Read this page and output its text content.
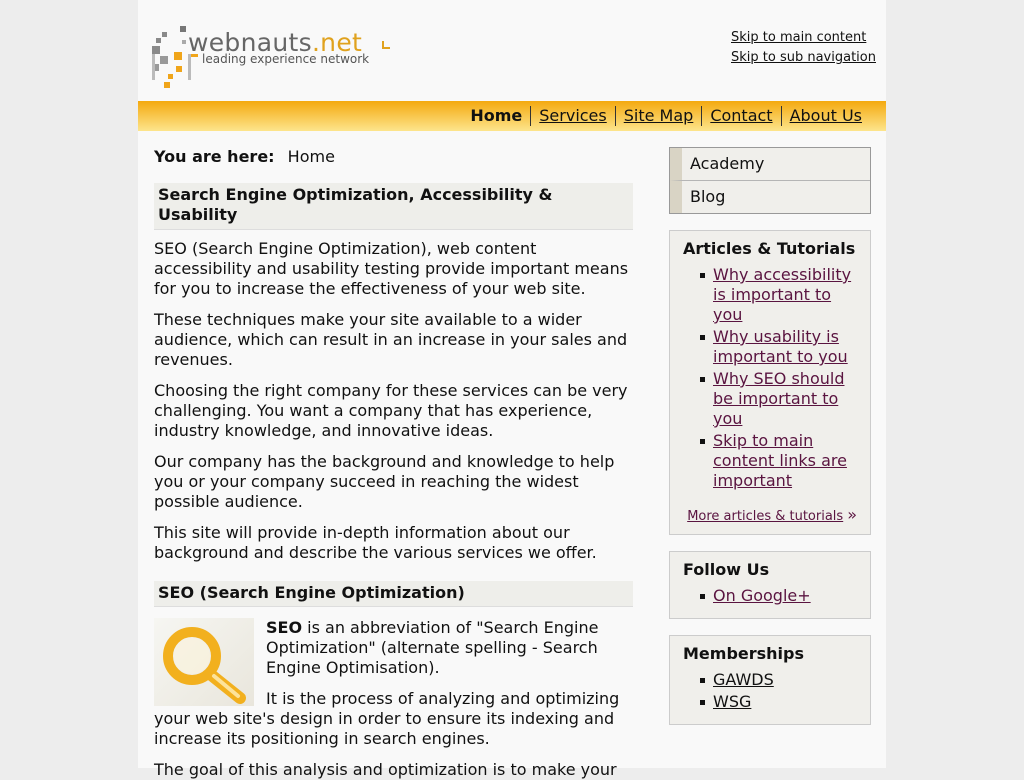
webnauts.net
leading experience network
Skip to main content
Skip to sub navigation
Home	Services	Site Map	Contact	About Us
You are here: Home
Search Engine Optimization, Accessibility & Usability

SEO (Search Engine Optimization), web content accessibility and usability testing provide important means for you to increase the effectiveness of your web site.

These techniques make your site available to a wider audience, which can result in an increase in your sales and revenues.

Choosing the right company for these services can be very challenging. You want a company that has experience, industry knowledge, and innovative ideas.

Our company has the background and knowledge to help you or your company succeed in reaching the widest possible audience.

This site will provide in-depth information about our background and describe the various services we offer.

SEO (Search Engine Optimization)

SEO is an abbreviation of "Search Engine Optimization" (alternate spelling - Search Engine Optimisation).

It is the process of analyzing and optimizing your web site's design in order to ensure its indexing and increase its positioning in search engines.

The goal of this analysis and optimization is to make your

Academy
Blog
Articles & Tutorials
Why accessibility is important to you
Why usability is important to you
Why SEO should be important to you
Skip to main content links are important
More articles & tutorials »
Follow Us
On Google+
Memberships
GAWDS
WSG
